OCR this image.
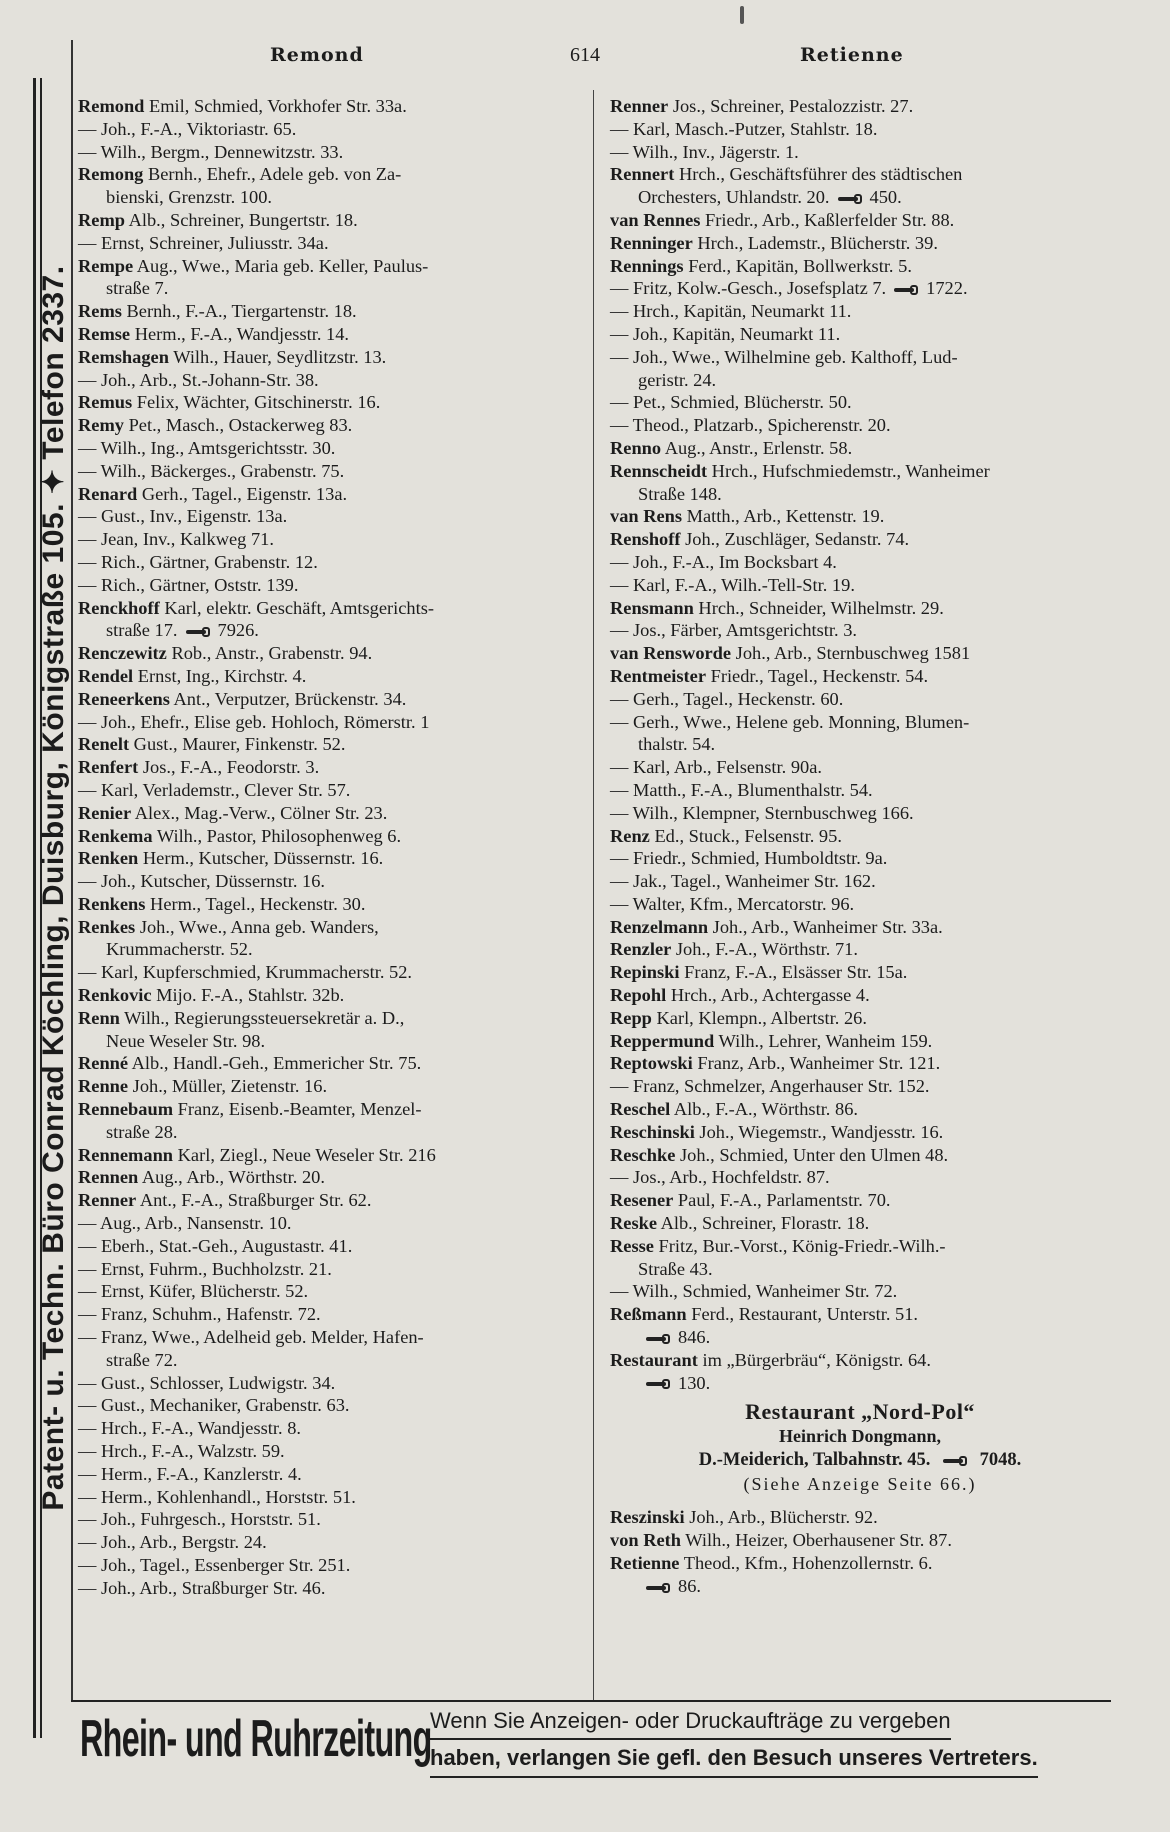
Patent- u. Techn. Büro Conrad Köchling, Duisburg, Königstraße 105. ✦ Telefon 2337.
Remond	614	Retienne
Remond Emil, Schmied, Vorkhofer Str. 33a.
— Joh., F.-A., Viktoriastr. 65.
— Wilh., Bergm., Dennewitzstr. 33.
Remong Bernh., Ehefr., Adele geb. von Za-
bienski, Grenzstr. 100.
Remp Alb., Schreiner, Bungertstr. 18.
— Ernst, Schreiner, Juliusstr. 34a.
Rempe Aug., Wwe., Maria geb. Keller, Paulus-
straße 7.
Rems Bernh., F.-A., Tiergartenstr. 18.
Remse Herm., F.-A., Wandjesstr. 14.
Remshagen Wilh., Hauer, Seydlitzstr. 13.
— Joh., Arb., St.-Johann-Str. 38.
Remus Felix, Wächter, Gitschinerstr. 16.
Remy Pet., Masch., Ostackerweg 83.
— Wilh., Ing., Amtsgerichtsstr. 30.
— Wilh., Bäckerges., Grabenstr. 75.
Renard Gerh., Tagel., Eigenstr. 13a.
— Gust., Inv., Eigenstr. 13a.
— Jean, Inv., Kalkweg 71.
— Rich., Gärtner, Grabenstr. 12.
— Rich., Gärtner, Oststr. 139.
Renckhoff Karl, elektr. Geschäft, Amtsgerichts-
straße 17. 7926.
Renczewitz Rob., Anstr., Grabenstr. 94.
Rendel Ernst, Ing., Kirchstr. 4.
Reneerkens Ant., Verputzer, Brückenstr. 34.
— Joh., Ehefr., Elise geb. Hohloch, Römerstr. 1
Renelt Gust., Maurer, Finkenstr. 52.
Renfert Jos., F.-A., Feodorstr. 3.
— Karl, Verlademstr., Clever Str. 57.
Renier Alex., Mag.-Verw., Cölner Str. 23.
Renkema Wilh., Pastor, Philosophenweg 6.
Renken Herm., Kutscher, Düssernstr. 16.
— Joh., Kutscher, Düssernstr. 16.
Renkens Herm., Tagel., Heckenstr. 30.
Renkes Joh., Wwe., Anna geb. Wanders,
Krummacherstr. 52.
— Karl, Kupferschmied, Krummacherstr. 52.
Renkovic Mijo. F.-A., Stahlstr. 32b.
Renn Wilh., Regierungssteuersekretär a. D.,
Neue Weseler Str. 98.
Renné Alb., Handl.-Geh., Emmericher Str. 75.
Renne Joh., Müller, Zietenstr. 16.
Rennebaum Franz, Eisenb.-Beamter, Menzel-
straße 28.
Rennemann Karl, Ziegl., Neue Weseler Str. 216
Rennen Aug., Arb., Wörthstr. 20.
Renner Ant., F.-A., Straßburger Str. 62.
— Aug., Arb., Nansenstr. 10.
— Eberh., Stat.-Geh., Augustastr. 41.
— Ernst, Fuhrm., Buchholzstr. 21.
— Ernst, Küfer, Blücherstr. 52.
— Franz, Schuhm., Hafenstr. 72.
— Franz, Wwe., Adelheid geb. Melder, Hafen-
straße 72.
— Gust., Schlosser, Ludwigstr. 34.
— Gust., Mechaniker, Grabenstr. 63.
— Hrch., F.-A., Wandjesstr. 8.
— Hrch., F.-A., Walzstr. 59.
— Herm., F.-A., Kanzlerstr. 4.
— Herm., Kohlenhandl., Horststr. 51.
— Joh., Fuhrgesch., Horststr. 51.
— Joh., Arb., Bergstr. 24.
— Joh., Tagel., Essenberger Str. 251.
— Joh., Arb., Straßburger Str. 46.
Renner Jos., Schreiner, Pestalozzistr. 27.
— Karl, Masch.-Putzer, Stahlstr. 18.
— Wilh., Inv., Jägerstr. 1.
Rennert Hrch., Geschäftsführer des städtischen
Orchesters, Uhlandstr. 20. 450.
van Rennes Friedr., Arb., Kaßlerfelder Str. 88.
Renninger Hrch., Lademstr., Blücherstr. 39.
Rennings Ferd., Kapitän, Bollwerkstr. 5.
— Fritz, Kolw.-Gesch., Josefsplatz 7. 1722.
— Hrch., Kapitän, Neumarkt 11.
— Joh., Kapitän, Neumarkt 11.
— Joh., Wwe., Wilhelmine geb. Kalthoff, Lud-
geristr. 24.
— Pet., Schmied, Blücherstr. 50.
— Theod., Platzarb., Spicherenstr. 20.
Renno Aug., Anstr., Erlenstr. 58.
Rennscheidt Hrch., Hufschmiedemstr., Wanheimer
Straße 148.
van Rens Matth., Arb., Kettenstr. 19.
Renshoff Joh., Zuschläger, Sedanstr. 74.
— Joh., F.-A., Im Bocksbart 4.
— Karl, F.-A., Wilh.-Tell-Str. 19.
Rensmann Hrch., Schneider, Wilhelmstr. 29.
— Jos., Färber, Amtsgerichtstr. 3.
van Rensworde Joh., Arb., Sternbuschweg 1581
Rentmeister Friedr., Tagel., Heckenstr. 54.
— Gerh., Tagel., Heckenstr. 60.
— Gerh., Wwe., Helene geb. Monning, Blumen-
thalstr. 54.
— Karl, Arb., Felsenstr. 90a.
— Matth., F.-A., Blumenthalstr. 54.
— Wilh., Klempner, Sternbuschweg 166.
Renz Ed., Stuck., Felsenstr. 95.
— Friedr., Schmied, Humboldtstr. 9a.
— Jak., Tagel., Wanheimer Str. 162.
— Walter, Kfm., Mercatorstr. 96.
Renzelmann Joh., Arb., Wanheimer Str. 33a.
Renzler Joh., F.-A., Wörthstr. 71.
Repinski Franz, F.-A., Elsässer Str. 15a.
Repohl Hrch., Arb., Achtergasse 4.
Repp Karl, Klempn., Albertstr. 26.
Reppermund Wilh., Lehrer, Wanheim 159.
Reptowski Franz, Arb., Wanheimer Str. 121.
— Franz, Schmelzer, Angerhauser Str. 152.
Reschel Alb., F.-A., Wörthstr. 86.
Reschinski Joh., Wiegemstr., Wandjesstr. 16.
Reschke Joh., Schmied, Unter den Ulmen 48.
— Jos., Arb., Hochfeldstr. 87.
Resener Paul, F.-A., Parlamentstr. 70.
Reske Alb., Schreiner, Florastr. 18.
Resse Fritz, Bur.-Vorst., König-Friedr.-Wilh.-
Straße 43.
— Wilh., Schmied, Wanheimer Str. 72.
Reßmann Ferd., Restaurant, Unterstr. 51.
846.
Restaurant im „Bürgerbräu“, Königstr. 64.
130.
Restaurant „Nord-Pol“
Heinrich Dongmann,
D.-Meiderich, Talbahnstr. 45.	7048.
(Siehe Anzeige Seite 66.)
Reszinski Joh., Arb., Blücherstr. 92.
von Reth Wilh., Heizer, Oberhausener Str. 87.
Retienne Theod., Kfm., Hohenzollernstr. 6.
86.
Rhein- und Ruhrzeitung
Wenn Sie Anzeigen- oder Druckaufträge zu vergeben
haben, verlangen Sie gefl. den Besuch unseres Vertreters.
